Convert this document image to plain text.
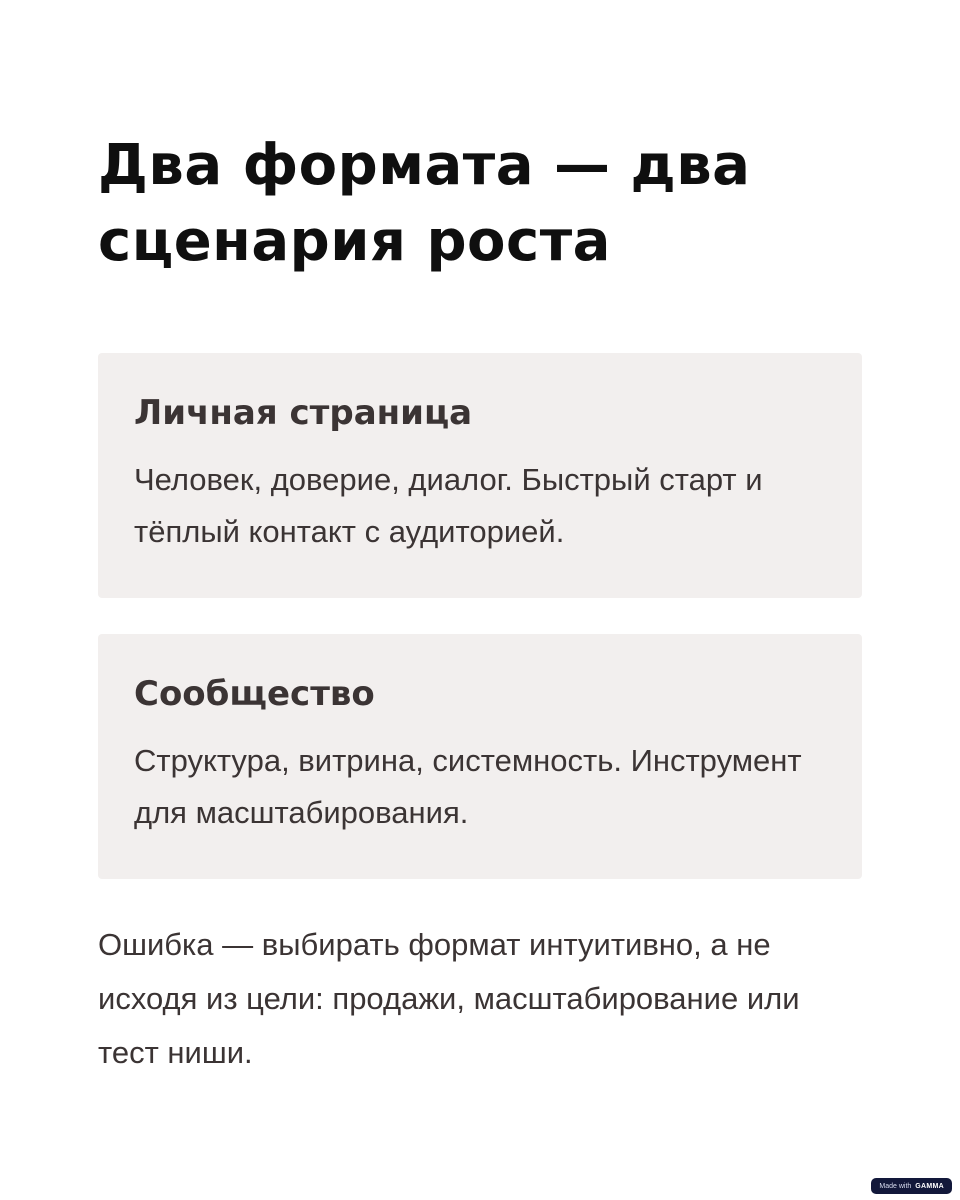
Два формата — два сценария роста
Личная страница

Человек, доверие, диалог. Быстрый старт и тёплый контакт с аудиторией.

Сообщество

Структура, витрина, системность. Инструмент для масштабирования.

Ошибка — выбирать формат интуитивно, а не исходя из цели: продажи, масштабирование или тест ниши.

Made with GAMMA
